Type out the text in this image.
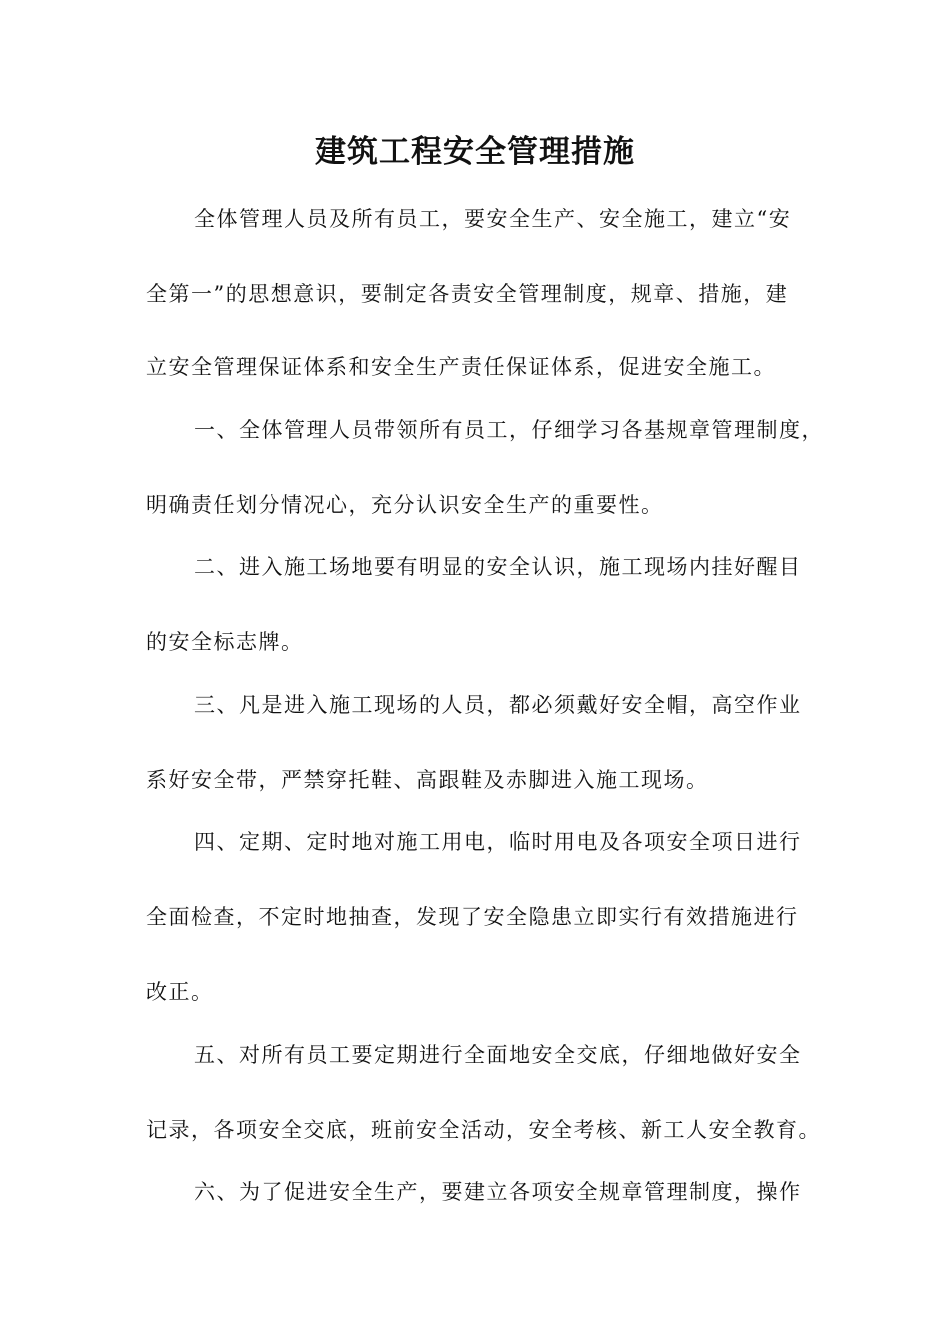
建筑工程安全管理措施
全体管理人员及所有员工，要安全生产、安全施工，建立“安
全第一”的思想意识，要制定各责安全管理制度，规章、措施，建
立安全管理保证体系和安全生产责任保证体系，促进安全施工。
一、全体管理人员带领所有员工，仔细学习各基规章管理制度，
明确责任划分情况心，充分认识安全生产的重要性。
二、进入施工场地要有明显的安全认识，施工现场内挂好醒目
的安全标志牌。
三、凡是进入施工现场的人员，都必须戴好安全帽，高空作业
系好安全带，严禁穿托鞋、高跟鞋及赤脚进入施工现场。
四、定期、定时地对施工用电，临时用电及各项安全项日进行
全面检查，不定时地抽查，发现了安全隐患立即实行有效措施进行
改正。
五、对所有员工要定期进行全面地安全交底，仔细地做好安全
记录，各项安全交底，班前安全活动，安全考核、新工人安全教育。
六、为了促进安全生产，要建立各项安全规章管理制度，操作
